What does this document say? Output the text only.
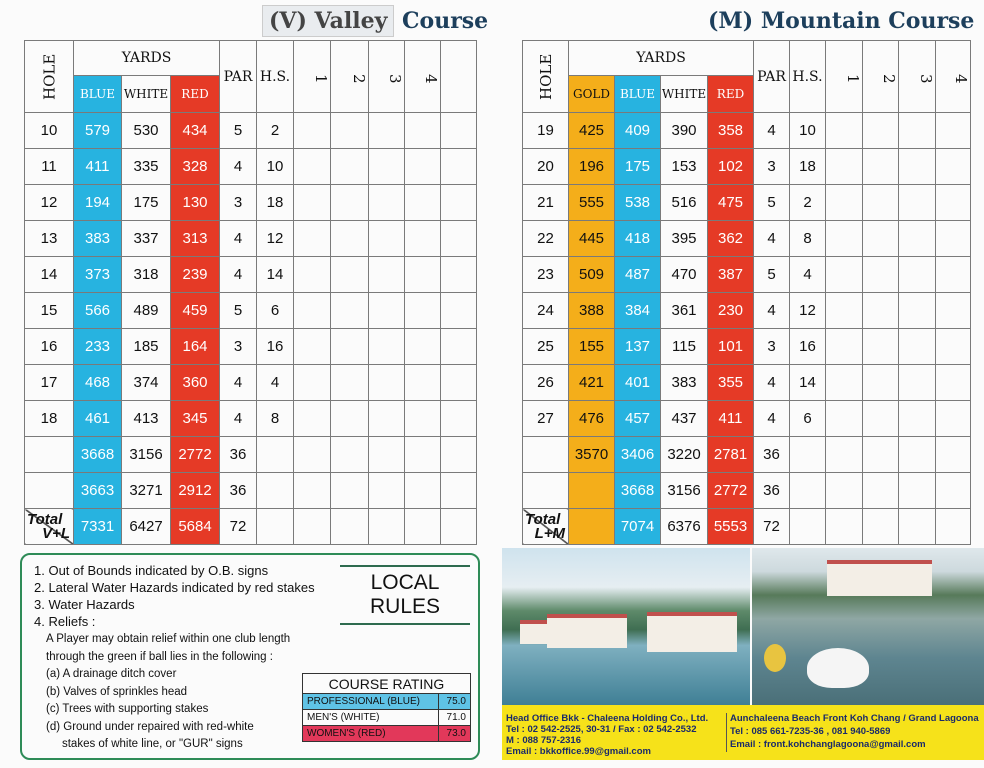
(V) Valley Course	(M) Mountain Course
HOLE	YARDS			PAR	H.S.	1	2	3	4	
	BLUE	WHITE	RED							
10	579	530	434	5	2					
11	411	335	328	4	10					
12	194	175	130	3	18					
13	383	337	313	4	12					
14	373	318	239	4	14					
15	566	489	459	5	6					
16	233	185	164	3	16					
17	468	374	360	4	4					
18	461	413	345	4	8					
	3668	3156	2772	36						
	3663	3271	2912	36						

Total
V+L	7331	6427	5684	72						
HOLE	YARDS				PAR	H.S.	1	2	3	4	
	GOLD	BLUE	WHITE	RED							
19	425	409	390	358	4	10					
20	196	175	153	102	3	18					
21	555	538	516	475	5	2					
22	445	418	395	362	4	8					
23	509	487	470	387	5	4					
24	388	384	361	230	4	12					
25	155	137	115	101	3	16					
26	421	401	383	355	4	14					
27	476	457	437	411	4	6					
	3570	3406	3220	2781	36						
		3668	3156	2772	36						

Total
L+M		7074	6376	5553	72						
LOCAL RULES
1. Out of Bounds indicated by O.B. signs
2. Lateral Water Hazards indicated by red stakes
3. Water Hazards
4. Reliefs :
A Player may obtain relief within one club length
through the green if ball lies in the following :
(a) A drainage ditch cover
(b) Valves of sprinkles head
(c) Trees with supporting stakes
(d) Ground under repaired with red-white
stakes of white line, or "GUR" signs
COURSE RATING	
PROFESSIONAL (BLUE)	75.0
MEN'S (WHITE)	71.0
WOMEN'S (RED)	73.0
Head Office Bkk - Chaleena Holding Co., Ltd.
Tel : 02 542-2525, 30-31 / Fax : 02 542-2532
M : 088 757-2316
Email : bkkoffice.99@gmail.com
Aunchaleena Beach Front Koh Chang / Grand Lagoona
Tel : 085 661-7235-36 , 081 940-5869
Email : front.kohchanglagoona@gmail.com
